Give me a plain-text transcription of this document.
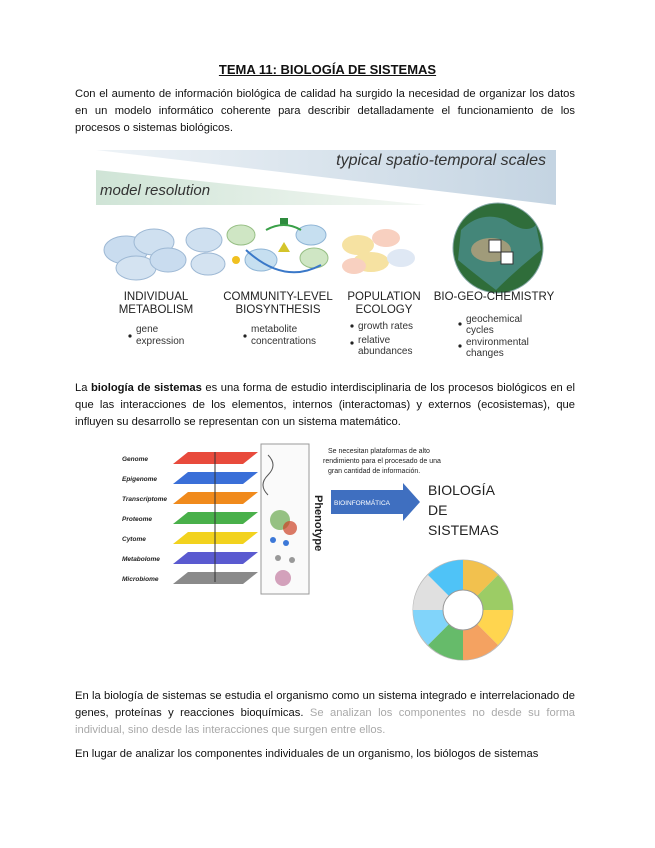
TEMA 11: BIOLOGÍA DE SISTEMAS
Con el aumento de información biológica de calidad ha surgido la necesidad de organizar los datos en un modelo informático coherente para describir detalladamente el funcionamiento de los procesos o sistemas biológicos.
typical spatio-temporal scales
model resolution
INDIVIDUAL
METABOLISM
COMMUNITY-LEVEL
BIOSYNTHESIS
POPULATION
ECOLOGY
BIO-GEO-CHEMISTRY
gene
expression
metabolite
concentrations
growth rates
relative
abundances
geochemical
cycles
environmental
changes
La biología de sistemas es una forma de estudio interdisciplinaria de los procesos biológicos en el que las interacciones de los elementos, internos (interactomas) y externos (ecosistemas), que influyen su desarrollo se representan con un sistema matemático.
Genome
Epigenome
Transcriptome
Proteome
Cytome
Metabolome
Microbiome
Phenotype
Se necesitan plataformas de alto
rendimiento para el procesado de una
gran cantidad de información.
BIOINFORMÁTICA
BIOLOGÍA
DE
SISTEMAS
En la biología de sistemas se estudia el organismo como un sistema integrado e interrelacionado de genes, proteínas y reacciones bioquímicas. Se analizan los componentes no desde su forma individual, sino desde las interacciones que surgen entre ellos.
En lugar de analizar los componentes individuales de un organismo, los biólogos de sistemas
